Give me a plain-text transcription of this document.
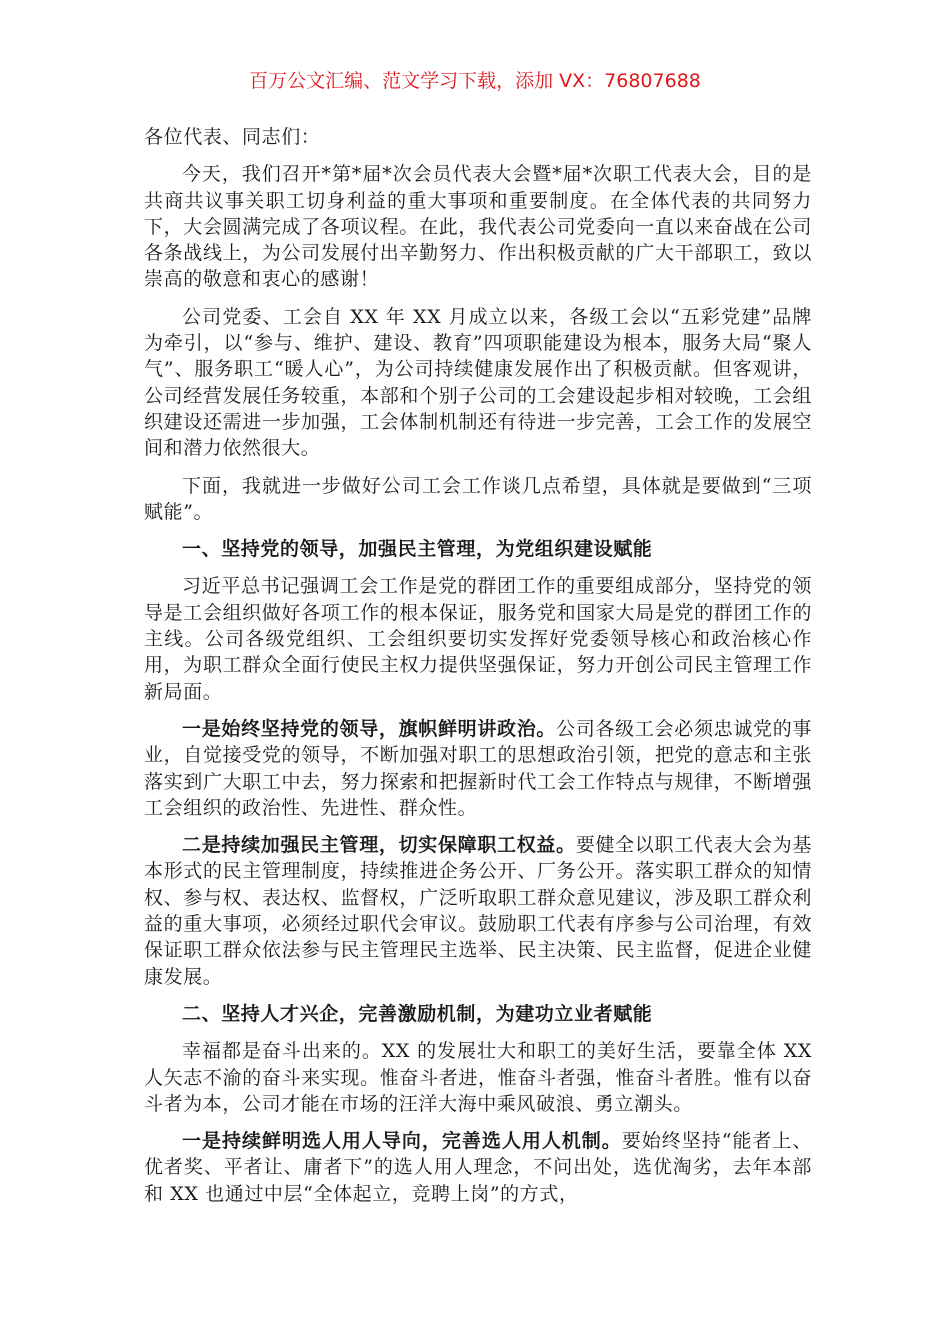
百万公文汇编、范文学习下载，添加 VX：76807688

各位代表、同志们：

今天，我们召开*第*届*次会员代表大会暨*届*次职工代表大会，目的是共商共议事关职工切身利益的重大事项和重要制度。在全体代表的共同努力下，大会圆满完成了各项议程。在此，我代表公司党委向一直以来奋战在公司各条战线上，为公司发展付出辛勤努力、作出积极贡献的广大干部职工，致以崇高的敬意和衷心的感谢！

公司党委、工会自 XX 年 XX 月成立以来，各级工会以“五彩党建”品牌为牵引，以“参与、维护、建设、教育”四项职能建设为根本，服务大局“聚人气”、服务职工“暖人心”，为公司持续健康发展作出了积极贡献。但客观讲，公司经营发展任务较重，本部和个别子公司的工会建设起步相对较晚，工会组织建设还需进一步加强，工会体制机制还有待进一步完善，工会工作的发展空间和潜力依然很大。

下面，我就进一步做好公司工会工作谈几点希望，具体就是要做到“三项赋能”。

一、坚持党的领导，加强民主管理，为党组织建设赋能

习近平总书记强调工会工作是党的群团工作的重要组成部分，坚持党的领导是工会组织做好各项工作的根本保证，服务党和国家大局是党的群团工作的主线。公司各级党组织、工会组织要切实发挥好党委领导核心和政治核心作用，为职工群众全面行使民主权力提供坚强保证，努力开创公司民主管理工作新局面。

一是始终坚持党的领导，旗帜鲜明讲政治。公司各级工会必须忠诚党的事业，自觉接受党的领导，不断加强对职工的思想政治引领，把党的意志和主张落实到广大职工中去，努力探索和把握新时代工会工作特点与规律，不断增强工会组织的政治性、先进性、群众性。

二是持续加强民主管理，切实保障职工权益。要健全以职工代表大会为基本形式的民主管理制度，持续推进企务公开、厂务公开。落实职工群众的知情权、参与权、表达权、监督权，广泛听取职工群众意见建议，涉及职工群众利益的重大事项，必须经过职代会审议。鼓励职工代表有序参与公司治理，有效保证职工群众依法参与民主管理民主选举、民主决策、民主监督，促进企业健康发展。

二、坚持人才兴企，完善激励机制，为建功立业者赋能

幸福都是奋斗出来的。XX 的发展壮大和职工的美好生活，要靠全体 XX 人矢志不渝的奋斗来实现。惟奋斗者进，惟奋斗者强，惟奋斗者胜。惟有以奋斗者为本，公司才能在市场的汪洋大海中乘风破浪、勇立潮头。

一是持续鲜明选人用人导向，完善选人用人机制。要始终坚持“能者上、优者奖、平者让、庸者下”的选人用人理念，不问出处，选优淘劣，去年本部和 XX 也通过中层“全体起立，竞聘上岗”的方式，
